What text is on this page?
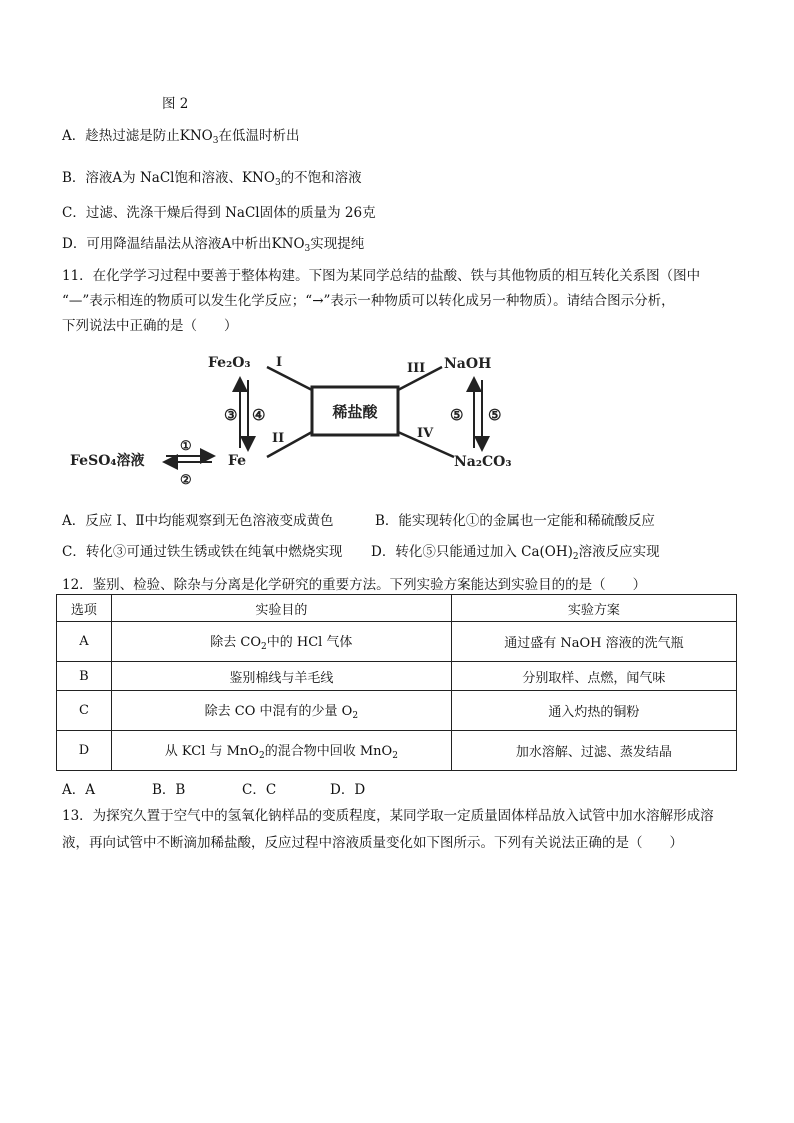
图 2
A．趁热过滤是防止$KNO_3$在低温时析出
B．溶液A为 NaCl饱和溶液、$KNO_3$的不饱和溶液
C．过滤、洗涤干燥后得到 NaCl固体的质量为 26克
D．可用降温结晶法从溶液A中析出$KNO_3$实现提纯

11．在化学学习过程中要善于整体构建。下图为某同学总结的盐酸、铁与其他物质的相互转化关系图（图中

“—”表示相连的物质可以发生化学反应；“→”表示一种物质可以转化成另一种物质）。请结合图示分析，

下列说法中正确的是（　　）

稀盐酸
Fe₂O₃	NaOH
Fe	Na₂CO₃
FeSO₄溶液
I
II
III
IV
③ ④	⑤ ⑤
①
②
A．反应 I、Ⅱ中均能观察到无色溶液变成黄色	B．能实现转化①的金属也一定能和稀硫酸反应
C．转化③可通过铁生锈或铁在纯氧中燃烧实现 D．转化⑤只能通过加入 $Ca(OH)_2$溶液反应实现
12．鉴别、检验、除杂与分离是化学研究的重要方法。下列实验方案能达到实验目的的是（　　）
选项	实验目的	实验方案
A	除去 $CO_2$中的 HCl 气体	通过盛有 NaOH 溶液的洗气瓶
B	鉴别棉线与羊毛线	分别取样、点燃，闻气味
C	除去 CO 中混有的少量 $O_2$	通入灼热的铜粉
D	从 KCl 与 MnO$_2$的混合物中回收 MnO$_2$	加水溶解、过滤、蒸发结晶
A．A	B．B	C．C	D．D

13．为探究久置于空气中的氢氧化钠样品的变质程度，某同学取一定质量固体样品放入试管中加水溶解形成溶

液，再向试管中不断滴加稀盐酸，反应过程中溶液质量变化如下图所示。下列有关说法正确的是（　　）
